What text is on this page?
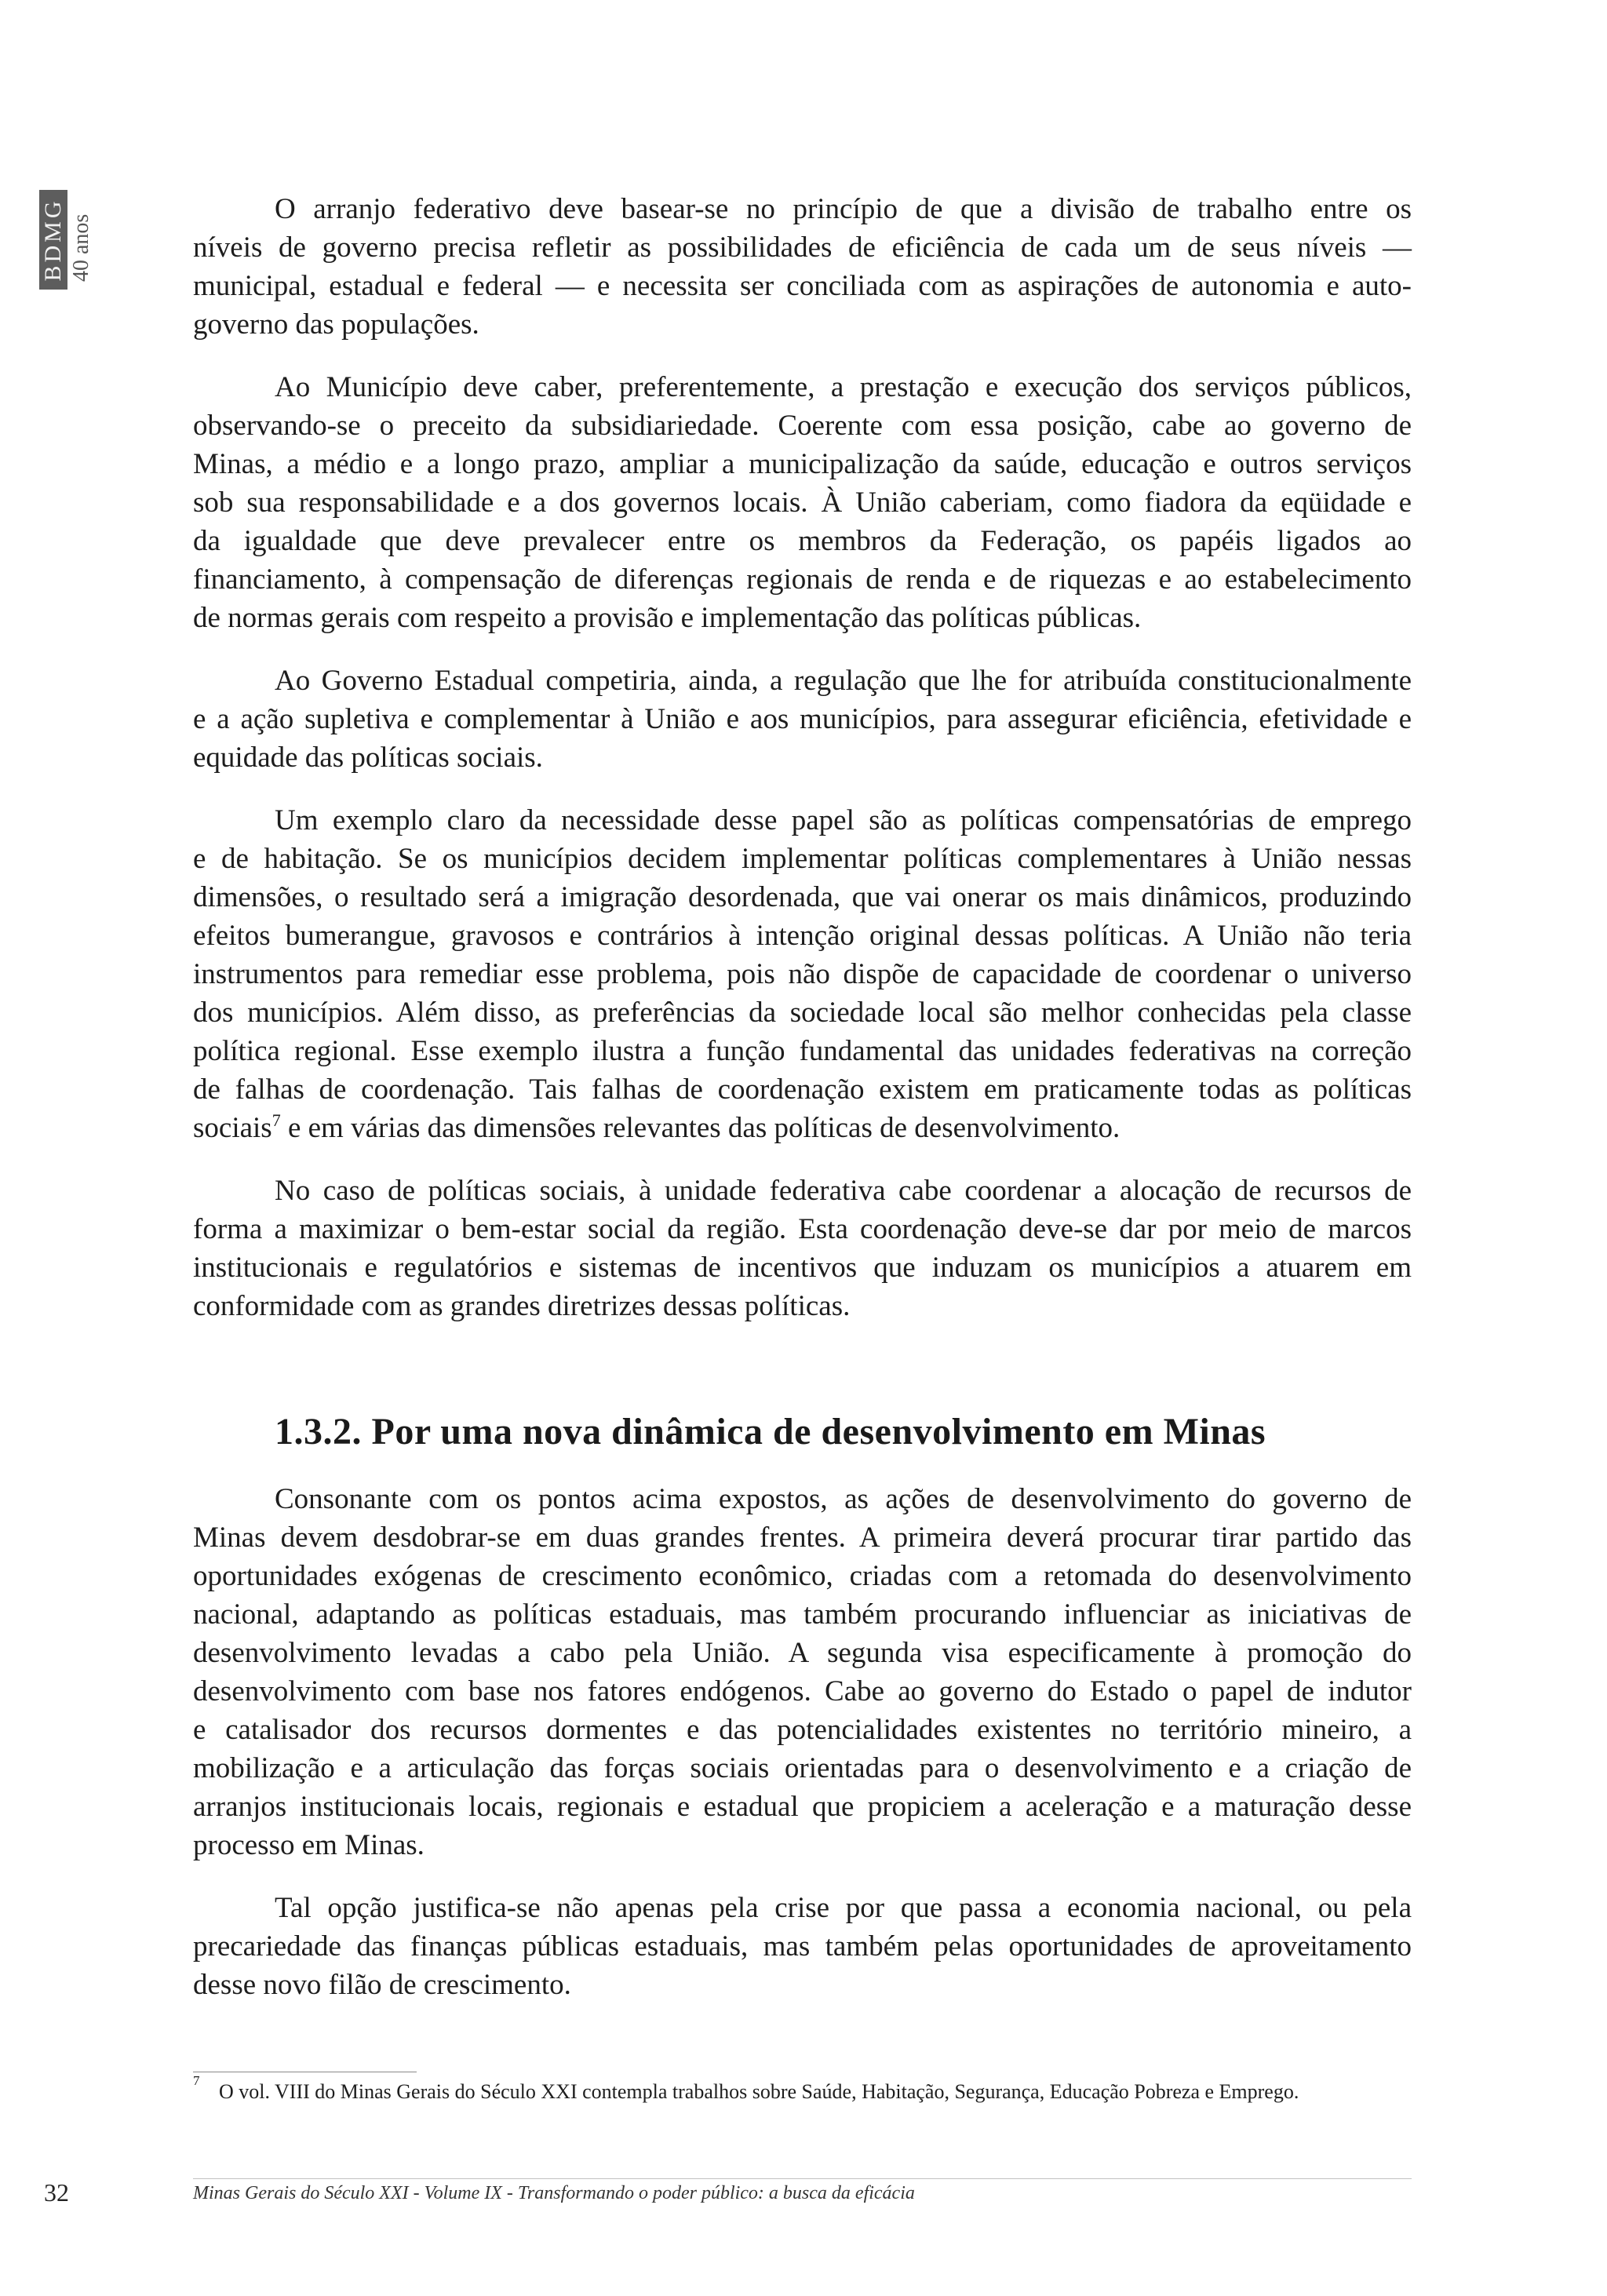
BDMG 40 anos
O arranjo federativo deve basear-se no princípio de que a divisão de trabalho entre os
níveis de governo precisa refletir as possibilidades de eficiência de cada um de seus níveis —
municipal, estadual e federal — e necessita ser conciliada com as aspirações de autonomia e auto-
governo das populações.
Ao Município deve caber, preferentemente, a prestação e execução dos serviços públicos,
observando-se o preceito da subsidiariedade. Coerente com essa posição, cabe ao governo de
Minas, a médio e a longo prazo, ampliar a municipalização da saúde, educação e outros serviços
sob sua responsabilidade e a dos governos locais. À União caberiam, como fiadora da eqüidade e
da igualdade que deve prevalecer entre os membros da Federação, os papéis ligados ao
financiamento, à compensação de diferenças regionais de renda e de riquezas e ao estabelecimento
de normas gerais com respeito a provisão e implementação das políticas públicas.
Ao Governo Estadual competiria, ainda, a regulação que lhe for atribuída constitucionalmente
e a ação supletiva e complementar à União e aos municípios, para assegurar eficiência, efetividade e
equidade das políticas sociais.
Um exemplo claro da necessidade desse papel são as políticas compensatórias de emprego
e de habitação. Se os municípios decidem implementar políticas complementares à União nessas
dimensões, o resultado será a imigração desordenada, que vai onerar os mais dinâmicos, produzindo
efeitos bumerangue, gravosos e contrários à intenção original dessas políticas. A União não teria
instrumentos para remediar esse problema, pois não dispõe de capacidade de coordenar o universo
dos municípios. Além disso, as preferências da sociedade local são melhor conhecidas pela classe
política regional. Esse exemplo ilustra a função fundamental das unidades federativas na correção
de falhas de coordenação. Tais falhas de coordenação existem em praticamente todas as políticas
sociais$^7$ e em várias das dimensões relevantes das políticas de desenvolvimento.
No caso de políticas sociais, à unidade federativa cabe coordenar a alocação de recursos de
forma a maximizar o bem-estar social da região. Esta coordenação deve-se dar por meio de marcos
institucionais e regulatórios e sistemas de incentivos que induzam os municípios a atuarem em
conformidade com as grandes diretrizes dessas políticas.
1.3.2. Por uma nova dinâmica de desenvolvimento em Minas
Consonante com os pontos acima expostos, as ações de desenvolvimento do governo de
Minas devem desdobrar-se em duas grandes frentes. A primeira deverá procurar tirar partido das
oportunidades exógenas de crescimento econômico, criadas com a retomada do desenvolvimento
nacional, adaptando as políticas estaduais, mas também procurando influenciar as iniciativas de
desenvolvimento levadas a cabo pela União. A segunda visa especificamente à promoção do
desenvolvimento com base nos fatores endógenos. Cabe ao governo do Estado o papel de indutor
e catalisador dos recursos dormentes e das potencialidades existentes no território mineiro, a
mobilização e a articulação das forças sociais orientadas para o desenvolvimento e a criação de
arranjos institucionais locais, regionais e estadual que propiciem a aceleração e a maturação desse
processo em Minas.
Tal opção justifica-se não apenas pela crise por que passa a economia nacional, ou pela
precariedade das finanças públicas estaduais, mas também pelas oportunidades de aproveitamento
desse novo filão de crescimento.
7 O vol. VIII do Minas Gerais do Século XXI contempla trabalhos sobre Saúde, Habitação, Segurança, Educação Pobreza e Emprego.
32	Minas Gerais do Século XXI - Volume IX - Transformando o poder público: a busca da eficácia
